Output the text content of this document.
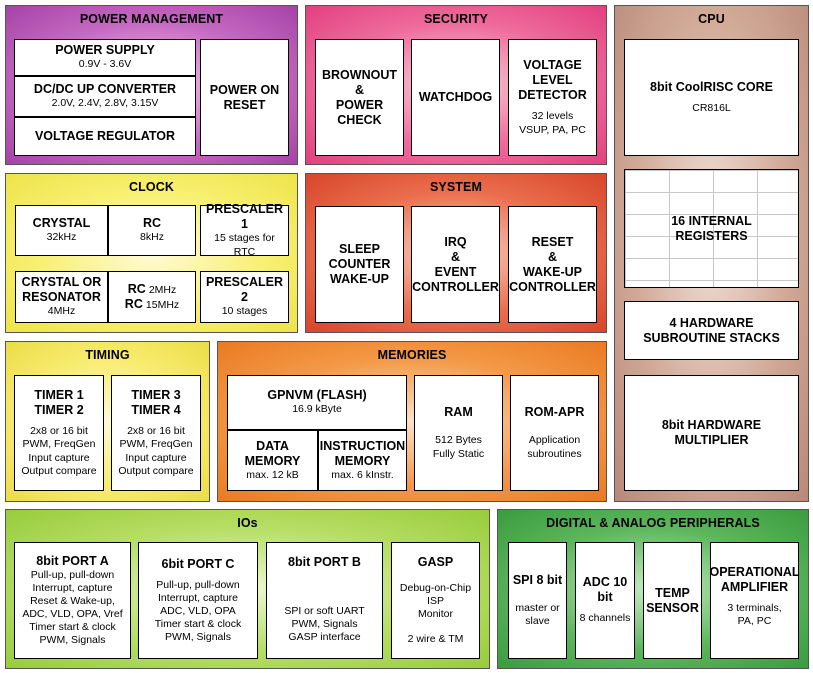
POWER MANAGEMENT
POWER SUPPLY
0.9V - 3.6V
DC/DC UP CONVERTER
2.0V, 2.4V, 2.8V, 3.15V
VOLTAGE REGULATOR
POWER ON
RESET
SECURITY
BROWNOUT
&
POWER
CHECK
WATCHDOG
VOLTAGE
LEVEL
DETECTOR
32 levels
VSUP, PA, PC
CPU
8bit CoolRISC CORE
CR816L
16 INTERNAL
REGISTERS
4 HARDWARE
SUBROUTINE STACKS
8bit HARDWARE MULTIPLIER
CLOCK
CRYSTAL
32kHz
RC
8kHz
PRESCALER 1
15 stages for RTC
CRYSTAL OR
RESONATOR
4MHz
RC 2MHz
RC 15MHz
PRESCALER 2
10 stages
SYSTEM
SLEEP
COUNTER
WAKE-UP
IRQ
&
EVENT
CONTROLLER
RESET
&
WAKE-UP
CONTROLLER
TIMING
TIMER 1
TIMER 2
2x8 or 16 bit
PWM, FreqGen
Input capture
Output compare
TIMER 3
TIMER 4
2x8 or 16 bit
PWM, FreqGen
Input capture
Output compare
MEMORIES
GPNVM (FLASH)
16.9 kByte
DATA
MEMORY
max. 12 kB
INSTRUCTION
MEMORY
max. 6 kInstr.
RAM
512 Bytes
Fully Static
ROM-APR
Application
subroutines
IOs
8bit PORT A
Pull-up, pull-down
Interrupt, capture
Reset & Wake-up,
ADC, VLD, OPA, Vref
Timer start & clock
PWM, Signals
6bit PORT C
Pull-up, pull-down
Interrupt, capture
ADC, VLD, OPA
Timer start & clock
PWM, Signals
8bit PORT B
SPI or soft UART
PWM, Signals
GASP interface
GASP
Debug-on-Chip
ISP
Monitor
2 wire & TM
DIGITAL & ANALOG PERIPHERALS
SPI 8 bit
master or
slave
ADC 10
bit
8 channels
TEMP
SENSOR
OPERATIONAL
AMPLIFIER
3 terminals,
PA, PC
